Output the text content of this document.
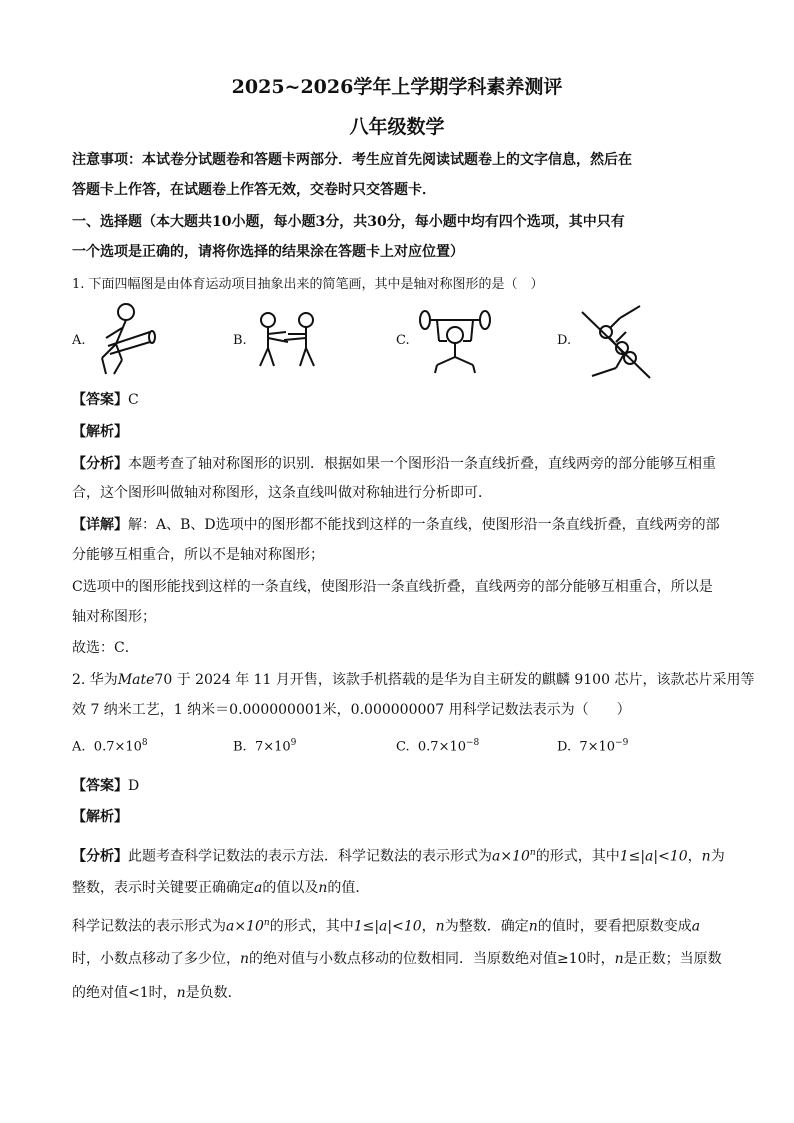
2025~2026学年上学期学科素养测评
八年级数学
注意事项：本试卷分试题卷和答题卡两部分．考生应首先阅读试题卷上的文字信息，然后在
答题卡上作答，在试题卷上作答无效，交卷时只交答题卡．
一、选择题（本大题共10小题，每小题3分，共30分，每小题中均有四个选项，其中只有
一个选项是正确的，请将你选择的结果涂在答题卡上对应位置）
1. 下面四幅图是由体育运动项目抽象出来的简笔画，其中是轴对称图形的是（　）
A.	B.	C.	D.
【答案】C
【解析】
【分析】本题考查了轴对称图形的识别．根据如果一个图形沿一条直线折叠，直线两旁的部分能够互相重
合，这个图形叫做轴对称图形，这条直线叫做对称轴进行分析即可．
【详解】解：A、B、D选项中的图形都不能找到这样的一条直线，使图形沿一条直线折叠，直线两旁的部
分能够互相重合，所以不是轴对称图形；
C选项中的图形能找到这样的一条直线，使图形沿一条直线折叠，直线两旁的部分能够互相重合，所以是
轴对称图形；
故选：C．
2. 华为Mate70 于 2024 年 11 月开售，该款手机搭载的是华为自主研发的麒麟 9100 芯片，该款芯片采用等
效 7 纳米工艺，1 纳米＝0.000000001米，0.000000007 用科学记数法表示为（　　）
A. $0.7\times 10^8$	B. $7\times 10^9$	C. $0.7\times 10^{-8}$	D. $7\times 10^{-9}$
【答案】D
【解析】
【分析】此题考查科学记数法的表示方法．科学记数法的表示形式为$a\times 10^n$的形式，其中1≤|a|<10，n为
整数，表示时关键要正确确定a的值以及n的值．
科学记数法的表示形式为$a\times 10^n$的形式，其中1≤|a|<10，n为整数．确定n的值时，要看把原数变成a
时，小数点移动了多少位，n的绝对值与小数点移动的位数相同．当原数绝对值≥10时，n是正数；当原数
的绝对值<1时，n是负数．
